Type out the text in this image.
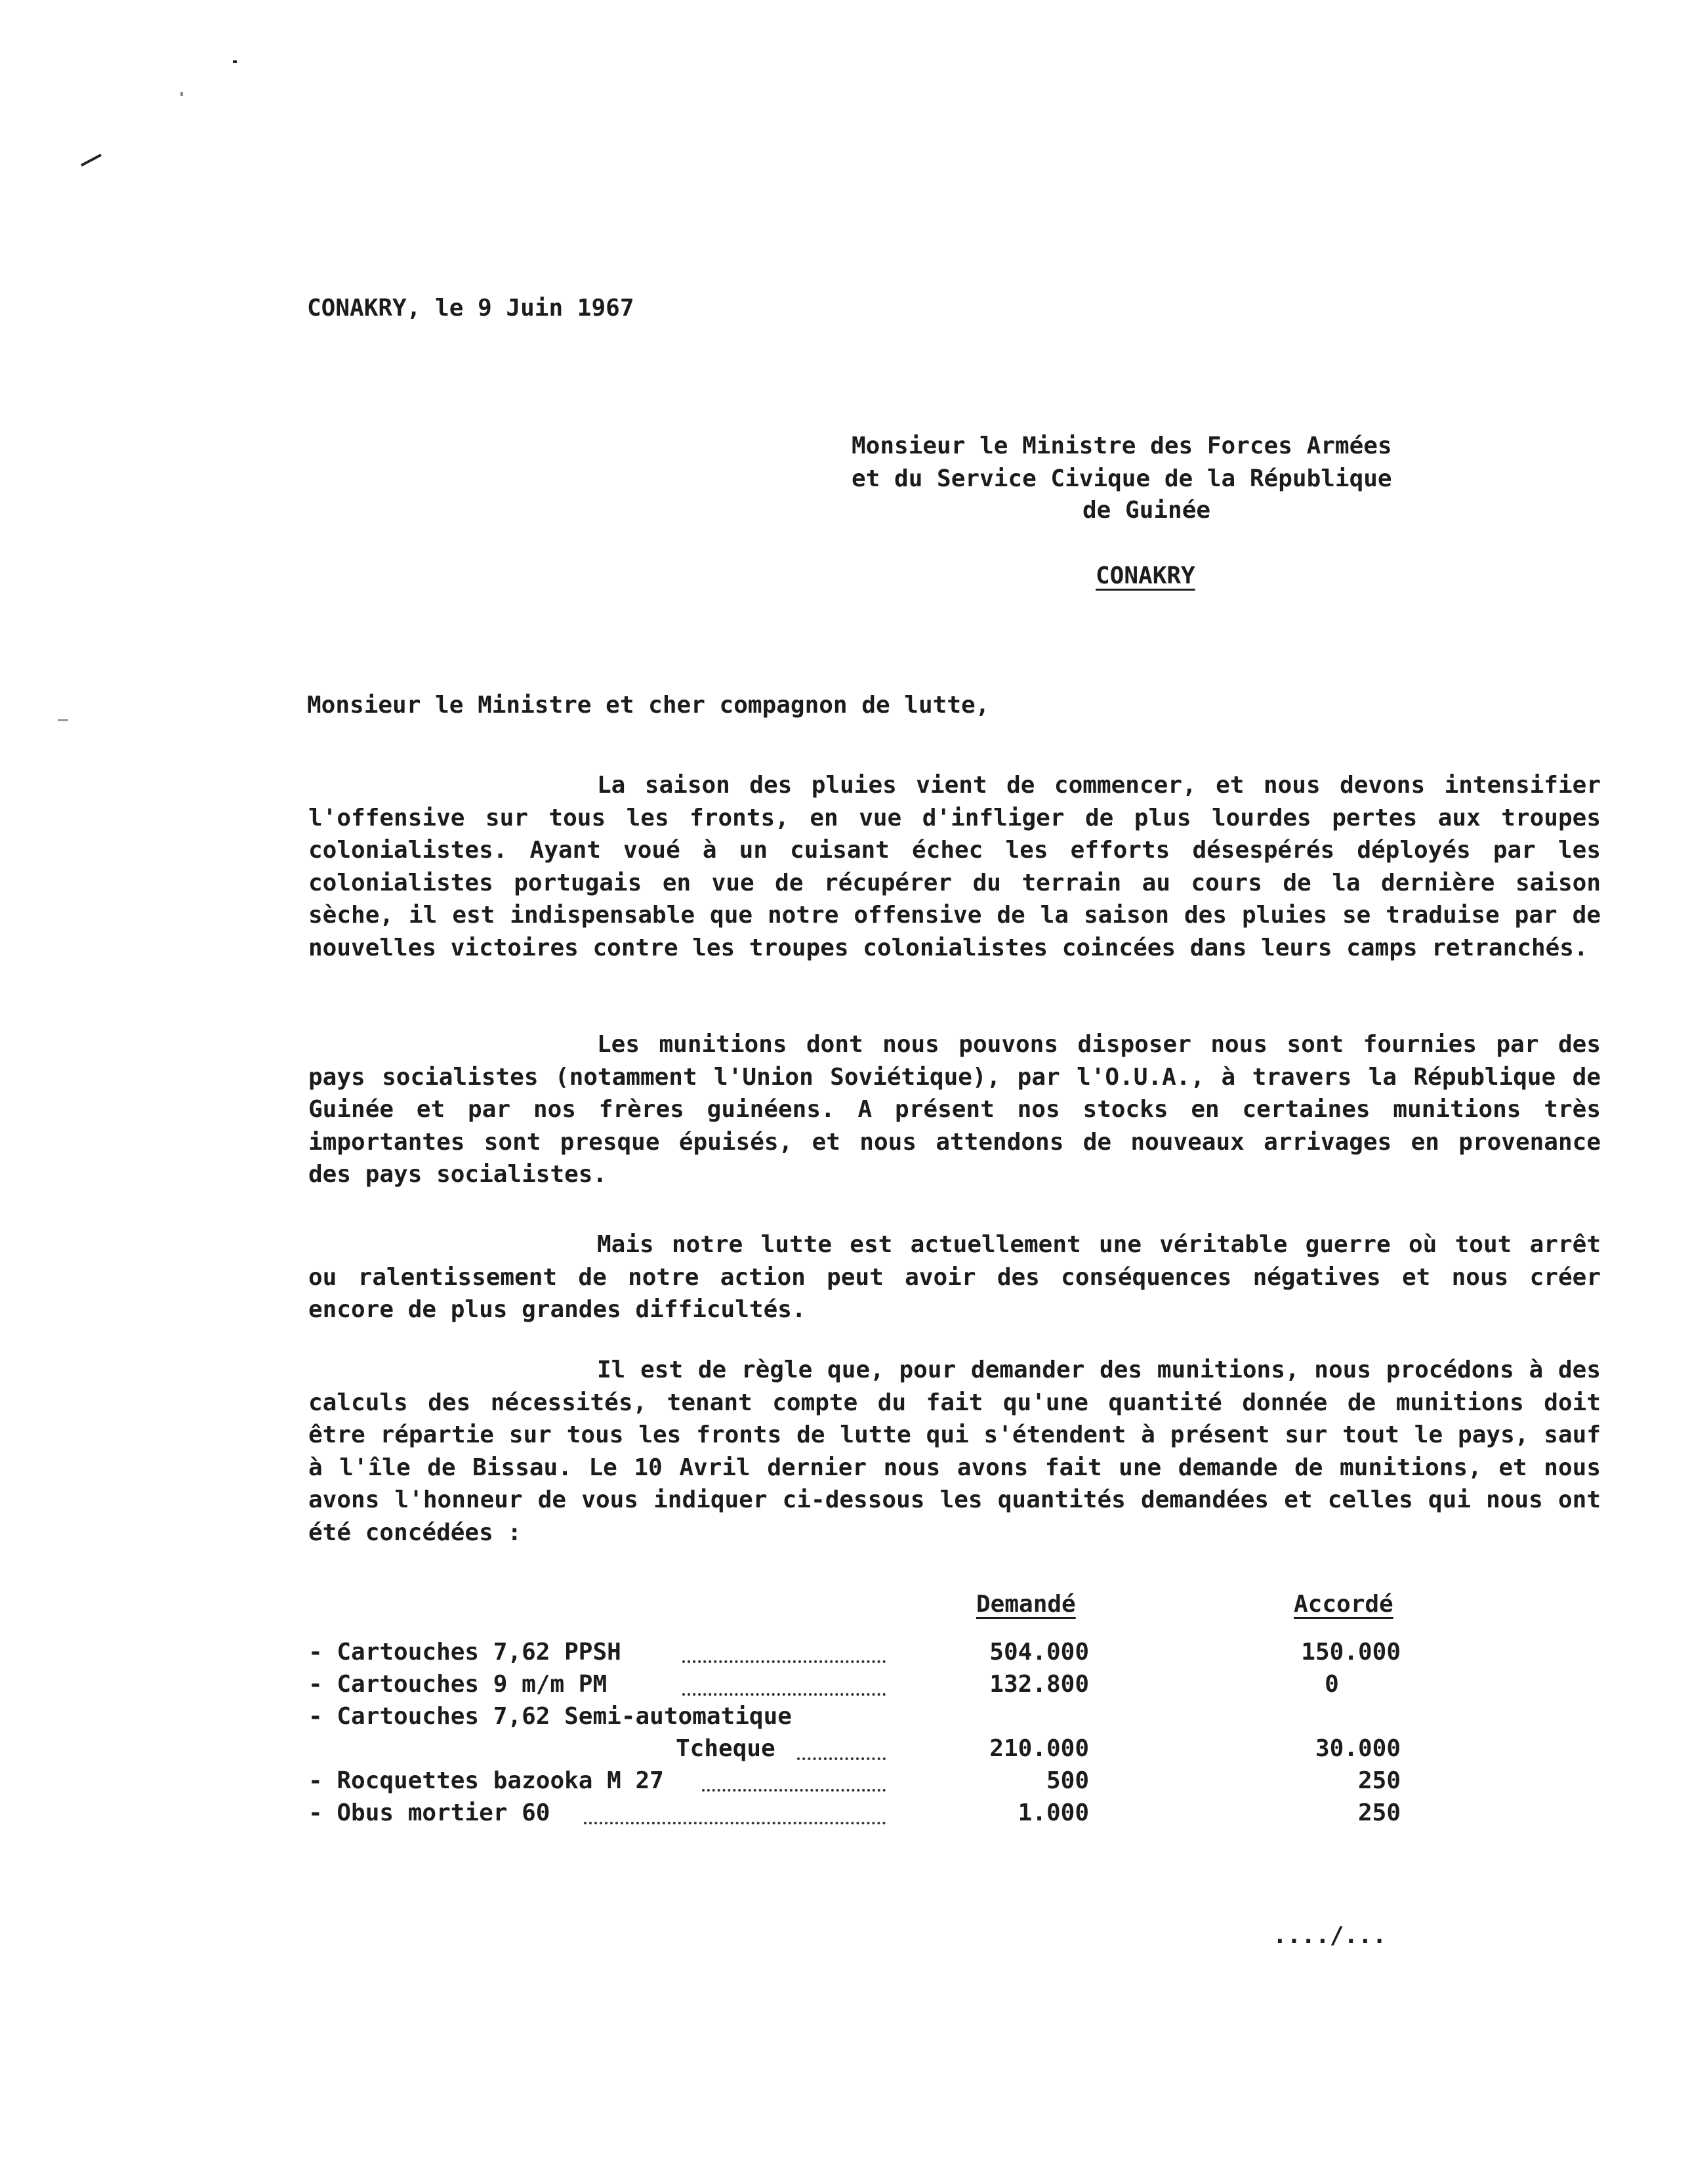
CONAKRY, le 9 Juin 1967
Monsieur le Ministre des Forces Armées
et du Service Civique de la République
de Guinée
CONAKRY
Monsieur le Ministre et cher compagnon de lutte,
La saison des pluies vient de commencer, et nous devons intensifier l'offensive sur tous les fronts, en vue d'infliger de plus lourdes pertes aux troupes colonialistes. Ayant voué à un cuisant échec les efforts désespérés déployés par les colonialistes portugais en vue de récupérer du terrain au cours de la dernière saison sèche, il est indispensable que notre offensive de la saison des pluies se traduise par de nouvelles victoires contre les troupes colonialistes coincées dans leurs camps retranchés.
Les munitions dont nous pouvons disposer nous sont fournies par des pays socialistes (notamment l'Union Soviétique), par l'O.U.A., à travers la République de Guinée et par nos frères guinéens. A présent nos stocks en certaines munitions très importantes sont presque épuisés, et nous attendons de nouveaux arrivages en provenance des pays socialistes.
Mais notre lutte est actuellement une véritable guerre où tout arrêt ou ralentissement de notre action peut avoir des conséquences négatives et nous créer encore de plus grandes difficultés.
Il est de règle que, pour demander des munitions, nous procédons à des calculs des nécessités, tenant compte du fait qu'une quantité donnée de munitions doit être répartie sur tous les fronts de lutte qui s'étendent à présent sur tout le pays, sauf à l'île de Bissau. Le 10 Avril dernier nous avons fait une demande de munitions, et nous avons l'honneur de vous indiquer ci-dessous les quantités demandées et celles qui nous ont été concédées :
Demandé	Accordé
- Cartouches 7,62 PPSH	504.000	150.000
- Cartouches 9 m/m PM	132.800	0
- Cartouches 7,62 Semi-automatique
Tcheque	210.000	30.000
- Rocquettes bazooka M 27	500	250
- Obus mortier 60	1.000	250
..../...
